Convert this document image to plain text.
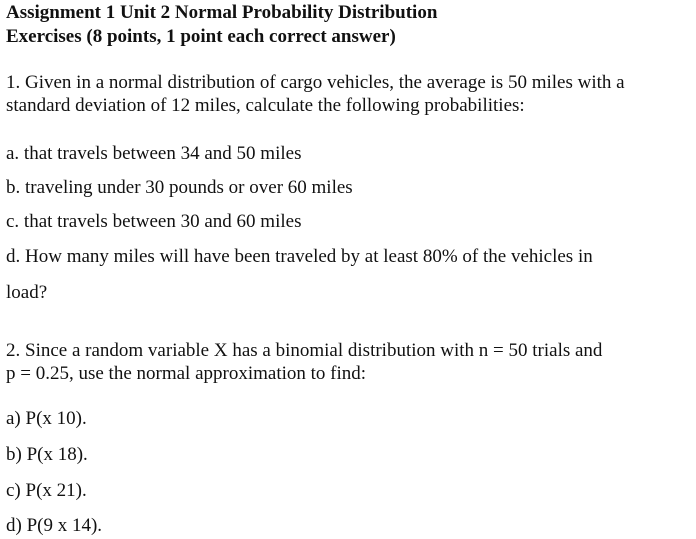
Assignment 1 Unit 2 Normal Probability Distribution
Exercises (8 points, 1 point each correct answer)
1. Given in a normal distribution of cargo vehicles, the average is 50 miles with a
standard deviation of 12 miles, calculate the following probabilities:
a. that travels between 34 and 50 miles
b. traveling under 30 pounds or over 60 miles
c. that travels between 30 and 60 miles
d. How many miles will have been traveled by at least 80% of the vehicles in
load?
2. Since a random variable X has a binomial distribution with n = 50 trials and
p = 0.25, use the normal approximation to find:
a) P(x 10).
b) P(x 18).
c) P(x 21).
d) P(9 x 14).
